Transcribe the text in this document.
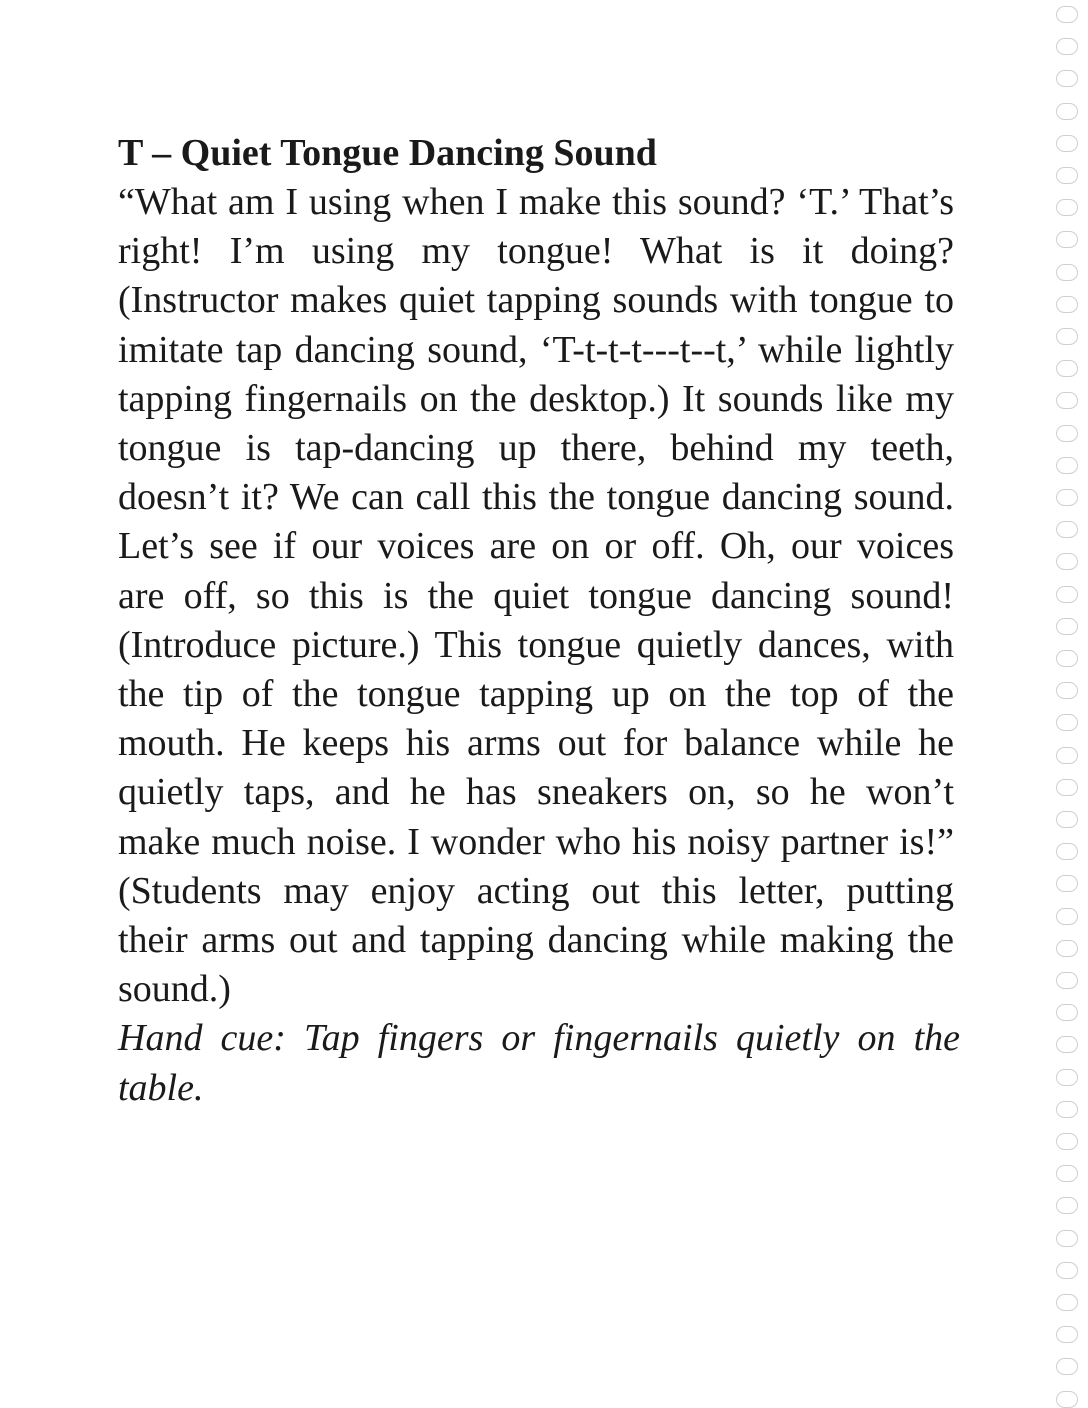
T – Quiet Tongue Dancing Sound

“What am I using when I make this sound? ‘T.’ That’s right! I’m using my tongue! What is it doing? (Instructor makes quiet tapping sounds with tongue to imitate tap dancing sound, ‘T-t-t-t---t--t,’ while lightly tapping fingernails on the desktop.) It sounds like my tongue is tap-dancing up there, behind my teeth, doesn’t it? We can call this the tongue dancing sound. Let’s see if our voices are on or off. Oh, our voices are off, so this is the quiet tongue dancing sound! (Introduce picture.) This tongue quietly dances, with the tip of the tongue tapping up on the top of the mouth. He keeps his arms out for balance while he quietly taps, and he has sneakers on, so he won’t make much noise. I wonder who his noisy partner is!” (Students may enjoy acting out this letter, putting their arms out and tapping dancing while making the sound.)

Hand cue: Tap fingers or fingernails quietly on the table.
